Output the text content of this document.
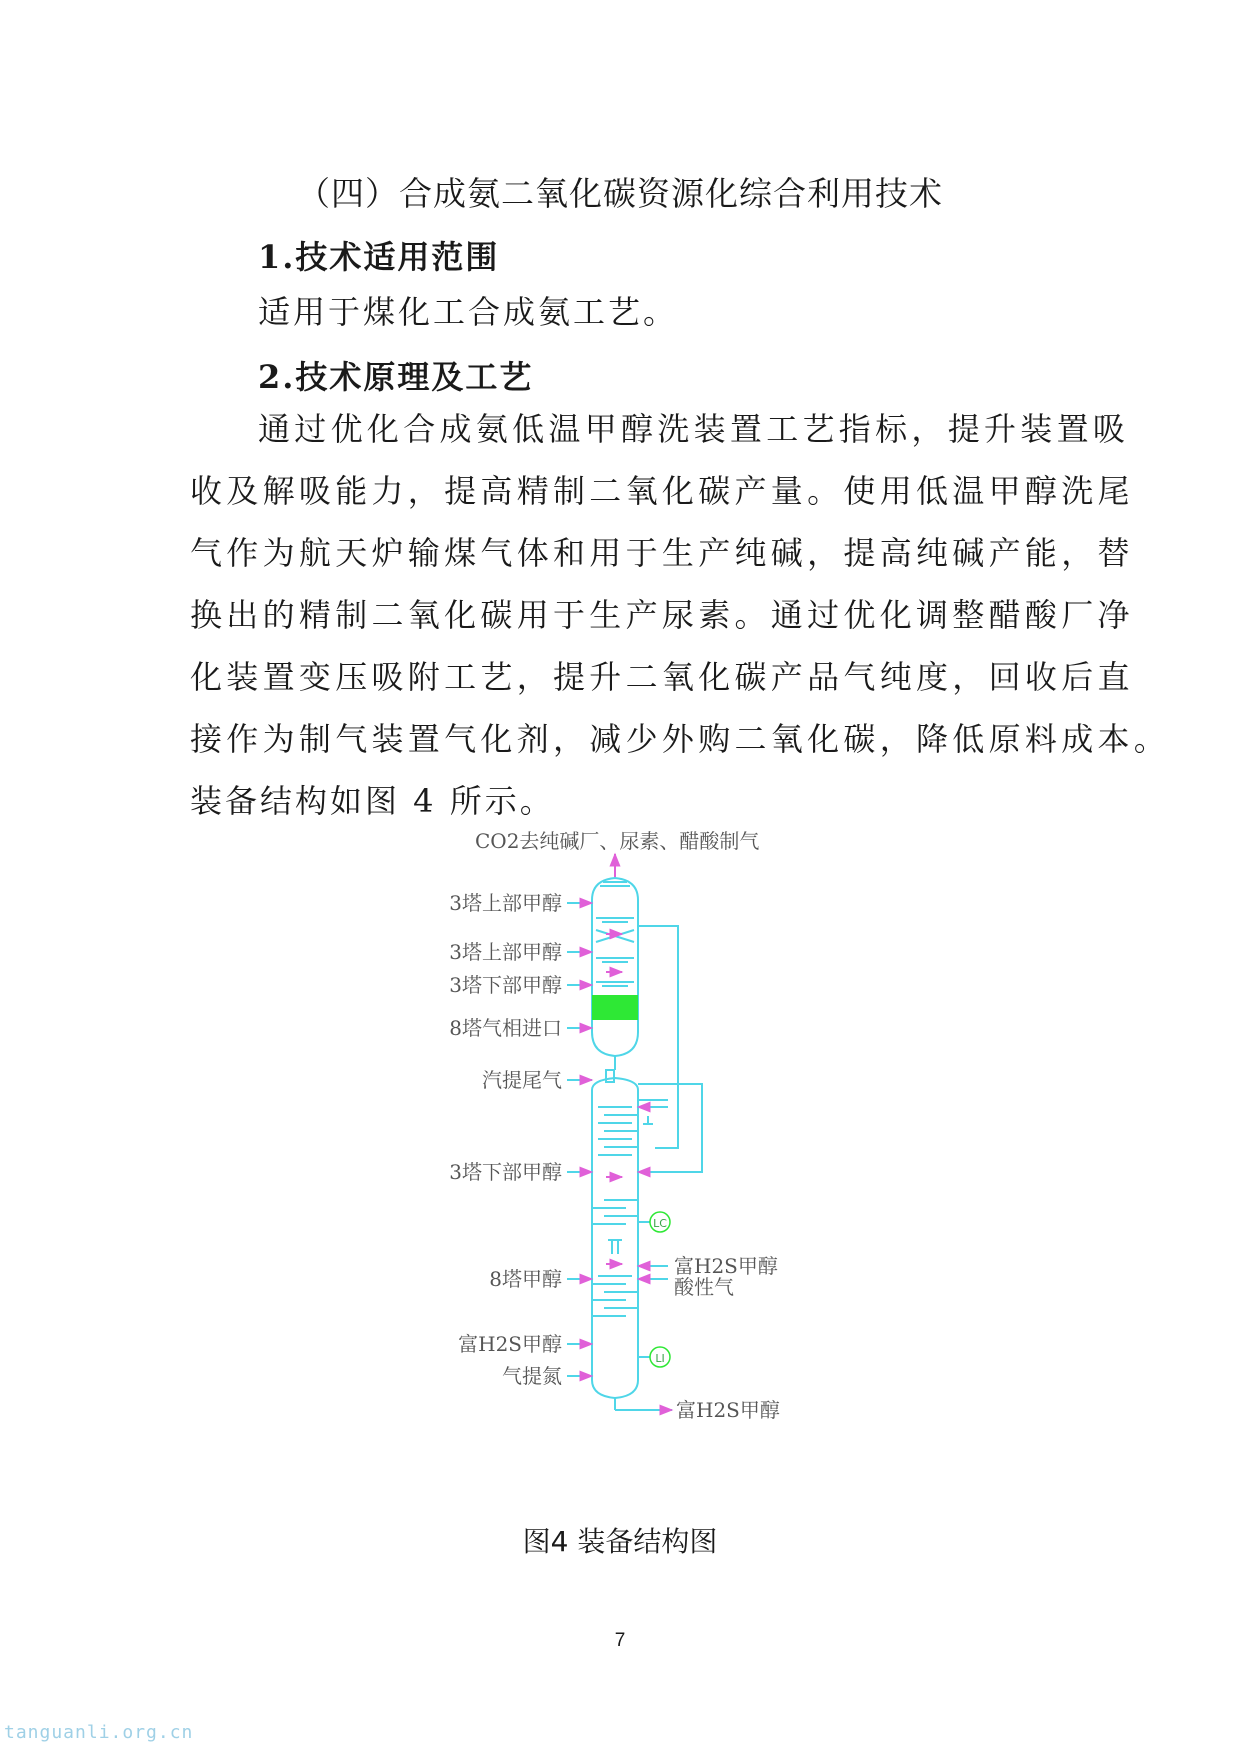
（四）合成氨二氧化碳资源化综合利用技术
1.技术适用范围
适用于煤化工合成氨工艺。
2.技术原理及工艺
通过优化合成氨低温甲醇洗装置工艺指标，提升装置吸
收及解吸能力，提高精制二氧化碳产量。使用低温甲醇洗尾
气作为航天炉输煤气体和用于生产纯碱，提高纯碱产能，替
换出的精制二氧化碳用于生产尿素。通过优化调整醋酸厂净
化装置变压吸附工艺，提升二氧化碳产品气纯度，回收后直
接作为制气装置气化剂，减少外购二氧化碳，降低原料成本。
装备结构如图 4 所示。
CO2去纯碱厂、尿素、醋酸制气
3塔上部甲醇
3塔上部甲醇
3塔下部甲醇
8塔气相进口
汽提尾气
3塔下部甲醇
8塔甲醇
富H2S甲醇
气提氮
富H2S甲醇
酸性气
富H2S甲醇
LC
LI
图4 装备结构图
7
tanguanli.org.cn
